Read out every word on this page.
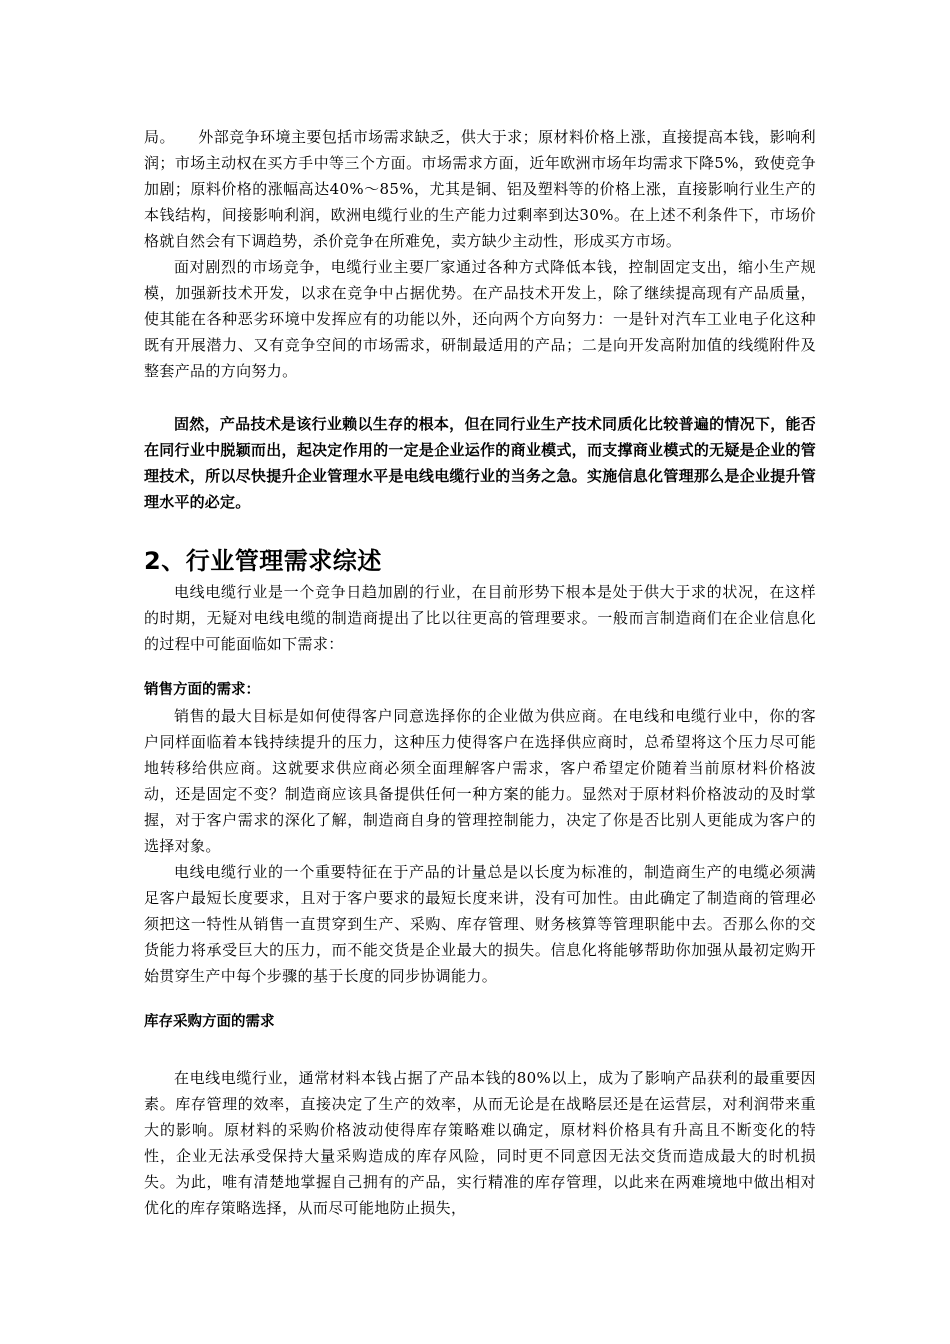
局。　　外部竞争环境主要包括市场需求缺乏，供大于求；原材料价格上涨，直接提高本钱，影响利润；市场主动权在买方手中等三个方面。市场需求方面，近年欧洲市场年均需求下降5%，致使竞争加剧；原料价格的涨幅高达40%～85%，尤其是铜、铝及塑料等的价格上涨，直接影响行业生产的本钱结构，间接影响利润，欧洲电缆行业的生产能力过剩率到达30%。在上述不利条件下，市场价格就自然会有下调趋势，杀价竞争在所难免，卖方缺少主动性，形成买方市场。

面对剧烈的市场竞争，电缆行业主要厂家通过各种方式降低本钱，控制固定支出，缩小生产规模，加强新技术开发，以求在竞争中占据优势。在产品技术开发上，除了继续提高现有产品质量，使其能在各种恶劣环境中发挥应有的功能以外，还向两个方向努力：一是针对汽车工业电子化这种既有开展潜力、又有竞争空间的市场需求，研制最适用的产品；二是向开发高附加值的线缆附件及整套产品的方向努力。

固然，产品技术是该行业赖以生存的根本，但在同行业生产技术同质化比较普遍的情况下，能否在同行业中脱颖而出，起决定作用的一定是企业运作的商业模式，而支撑商业模式的无疑是企业的管理技术，所以尽快提升企业管理水平是电线电缆行业的当务之急。实施信息化管理那么是企业提升管理水平的必定。

2、行业管理需求综述

电线电缆行业是一个竞争日趋加剧的行业，在目前形势下根本是处于供大于求的状况，在这样的时期，无疑对电线电缆的制造商提出了比以往更高的管理要求。一般而言制造商们在企业信息化的过程中可能面临如下需求：

销售方面的需求：

销售的最大目标是如何使得客户同意选择你的企业做为供应商。在电线和电缆行业中，你的客户同样面临着本钱持续提升的压力，这种压力使得客户在选择供应商时，总希望将这个压力尽可能地转移给供应商。这就要求供应商必须全面理解客户需求，客户希望定价随着当前原材料价格波动，还是固定不变？制造商应该具备提供任何一种方案的能力。显然对于原材料价格波动的及时掌握，对于客户需求的深化了解，制造商自身的管理控制能力，决定了你是否比别人更能成为客户的选择对象。

电线电缆行业的一个重要特征在于产品的计量总是以长度为标准的，制造商生产的电缆必须满足客户最短长度要求，且对于客户要求的最短长度来讲，没有可加性。由此确定了制造商的管理必须把这一特性从销售一直贯穿到生产、采购、库存管理、财务核算等管理职能中去。否那么你的交货能力将承受巨大的压力，而不能交货是企业最大的损失。信息化将能够帮助你加强从最初定购开始贯穿生产中每个步骤的基于长度的同步协调能力。

库存采购方面的需求

在电线电缆行业，通常材料本钱占据了产品本钱的80%以上，成为了影响产品获利的最重要因素。库存管理的效率，直接决定了生产的效率，从而无论是在战略层还是在运营层，对利润带来重大的影响。原材料的采购价格波动使得库存策略难以确定，原材料价格具有升高且不断变化的特性，企业无法承受保持大量采购造成的库存风险，同时更不同意因无法交货而造成最大的时机损失。为此，唯有清楚地掌握自己拥有的产品，实行精准的库存管理，以此来在两难境地中做出相对优化的库存策略选择，从而尽可能地防止损失，
